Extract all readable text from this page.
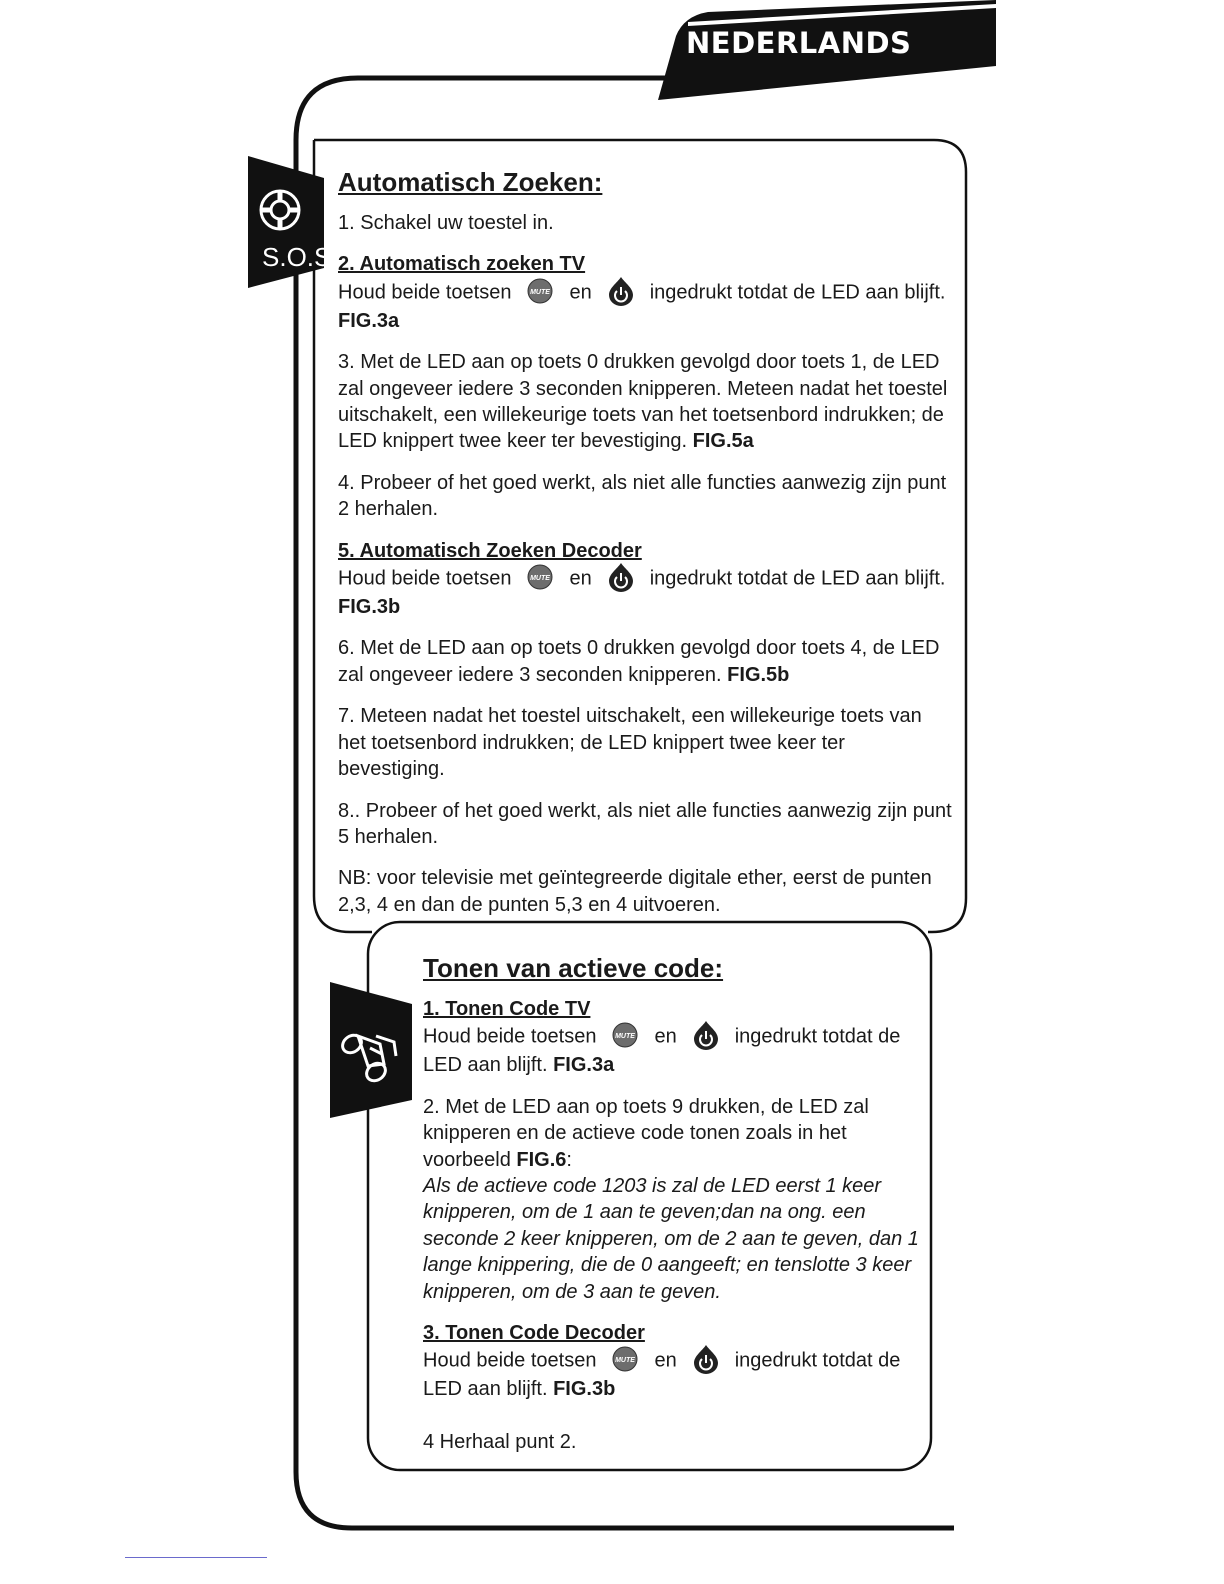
NEDERLANDS
S.O.S.
Automatisch Zoeken:

1. Schakel uw toestel in.

2. Automatisch zoeken TV
Houd beide toetsen	MUTE en	ingedrukt totdat de LED aan blijft. FIG.3a

3. Met de LED aan op toets 0 drukken gevolgd door toets 1, de LED zal ongeveer iedere 3 seconden knipperen. Meteen nadat het toestel uitschakelt, een willekeurige toets van het toetsenbord indrukken; de LED knippert twee keer ter bevestiging. FIG.5a

4. Probeer of het goed werkt, als niet alle functies aanwezig zijn punt 2 herhalen.

5. Automatisch Zoeken Decoder
Houd beide toetsen	MUTE en	ingedrukt totdat de LED aan blijft. FIG.3b

6. Met de LED aan op toets 0 drukken gevolgd door toets 4, de LED zal ongeveer iedere 3 seconden knipperen. FIG.5b

7. Meteen nadat het toestel uitschakelt, een willekeurige toets van het toetsenbord indrukken; de LED knippert twee keer ter bevestiging.

8.. Probeer of het goed werkt, als niet alle functies aanwezig zijn punt 5 herhalen.

NB: voor televisie met geïntegreerde digitale ether, eerst de punten 2,3, 4 en dan de punten 5,3 en 4 uitvoeren.

Tonen van actieve code:

1. Tonen Code TV
Houd beide toetsen	MUTE en	ingedrukt totdat de LED aan blijft. FIG.3a

2. Met de LED aan op toets 9 drukken, de LED zal knipperen en de actieve code tonen zoals in het voorbeeld FIG.6:
Als de actieve code 1203 is zal de LED eerst 1 keer knipperen, om de 1 aan te geven;dan na ong. een seconde 2 keer knipperen, om de 2 aan te geven, dan 1 lange knippering, die de 0 aangeeft; en tenslotte 3 keer knipperen, om de 3 aan te geven.

3. Tonen Code Decoder
Houd beide toetsen	MUTE en	ingedrukt totdat de LED aan blijft. FIG.3b

4 Herhaal punt 2.
